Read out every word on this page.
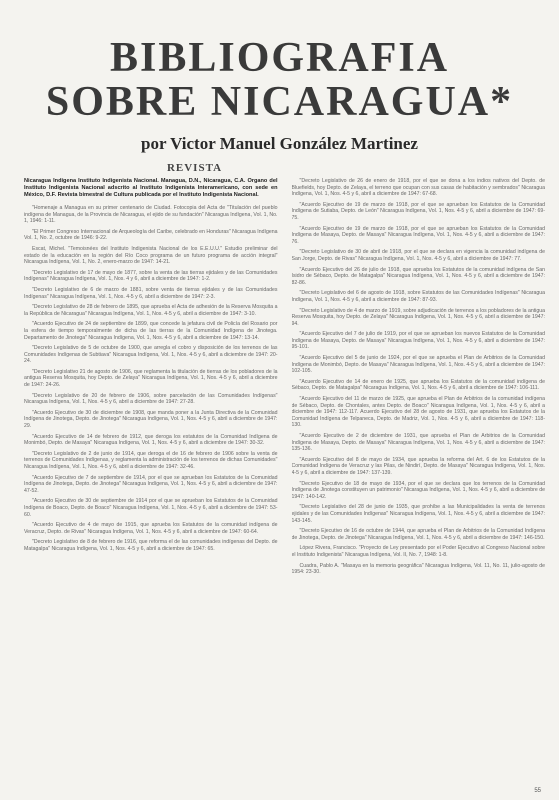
BIBLIOGRAFIA
SOBRE NICARAGUA*
por Victor Manuel González Martinez
REVISTA

Nicaragua Indígena Instituto Indigenista Nacional. Managua, D.N., Nicaragua, C.A. Organo del Instituto Indigenista Nacional adscrito al Instituto Indigenista Interamericano, con sede en México, D.F. Revista bimestral de Cultura publicada por el Instituto Indigenista Nacional.

"Homenaje a Managua en su primer centenario de Ciudad. Fotocopia del Acta de "Titulación del pueblo indígena de Managua, de la Provincia de Nicaragua, el ejido de su fundación" Nicaragua Indígena, Vol. 1, No. 1, 1946: 1-11.

"El Primer Congreso Internacional de Arqueología del Caribe, celebrado en Honduras" Nicaragua Indígena Vol. 1, No. 2, octubre de 1946: 9-22.

Escat, Michel. "Temoisnées del Instituto Indigenista Nacional de los E.E.U.U." Estudio preliminar del estado de la educación en la región del Río Coco programa de un futuro programa de acción integral" Nicaragua Indígena, Vol. 1, No. 2, enero-marzo de 1947: 14-21.

"Decreto Legislativo de 17 de mayo de 1877, sobre la venta de las tierras ejidales y de las Comunidades Indígenas" Nicaragua Indígena, Vol. 1, Nos. 4 y 6, abril a diciembre de 1947: 1-2.

"Decreto Legislativo de 6 de marzo de 1881, sobre venta de tierras ejidales y de las Comunidades Indígenas" Nicaragua Indígena, Vol. 1, Nos. 4-5 y 6, abril a diciembre de 1947: 2-3.

"Decreto Legislativo de 28 de febrero de 1895, que aprueba el Acta de adhesión de la Reserva Mosquita a la República de Nicaragua" Nicaragua Indígena, Vol. 1, Nos. 4-5 y 6, abril a diciembre de 1947: 3-10.

"Acuerdo Ejecutivo de 24 de septiembre de 1899, que concede la jefatura civil de Policía del Rosario por la esfera de tiempo temporalmente de dicha de las tierras de la Comunidad Indígena de Jinotega. Departamento de Jinotega" Nicaragua Indígena, Vol. 1, Nos. 4-5 y 6, abril a diciembre de 1947: 13-14.

"Decreto Legislativo de 5 de octubre de 1900, que arregla el cobro y disposición de los terrenos de las Comunidades Indígenas de Subtiava" Nicaragua Indígena, Vol. 1, Nos. 4-5 y 6, abril a diciembre de 1947: 20-24.

"Decreto Legislativo 21 de agosto de 1906, que reglamenta la titulación de tierras de los pobladores de la antigua Reserva Mosquita, hoy Depto. de Zelaya" Nicaragua Indígena, Vol. 1, Nos. 4-5 y 6, abril a diciembre de 1947: 24-26.

"Decreto Legislativo de 20 de febrero de 1906, sobre parcelación de las Comunidades Indígenas" Nicaragua Indígena, Vol. 1, Nos. 4-5 y 6, abril a diciembre de 1947: 27-28.

"Acuerdo Ejecutivo de 30 de diciembre de 1908, que manda poner a la Junta Directiva de la Comunidad Indígena de Jinotega, Depto. de Jinotega" Nicaragua Indígena, Vol. 1, Nos. 4-5 y 6, abril a diciembre de 1947: 29.

"Acuerdo Ejecutivo de 14 de febrero de 1912, que deroga los estatutos de la Comunidad Indígena de Monimbó, Depto. de Masaya" Nicaragua Indígena, Vol. 1, Nos. 4-5 y 6, abril a diciembre de 1947: 30-32.

"Decreto Legislativo de 2 de junio de 1914, que deroga el de 16 de febrero de 1906 sobre la venta de terrenos de Comunidades Indígenas, y reglamenta la administración de los terrenos de dichas Comunidades" Nicaragua Indígena, Vol. 1, Nos. 4-5 y 6, abril a diciembre de 1947: 32-46.

"Acuerdo Ejecutivo de 7 de septiembre de 1914, por el que se aprueban los Estatutos de la Comunidad Indígena de Jinotega, Depto. de Jinotega" Nicaragua Indígena, Vol. 1, Nos. 4-5 y 6, abril a diciembre de 1947: 47-52.

"Acuerdo Ejecutivo de 30 de septiembre de 1914 por el que se aprueban los Estatutos de la Comunidad Indígena de Boaco, Depto. de Boaco" Nicaragua Indígena, Vol. 1, Nos. 4-5 y 6, abril a diciembre de 1947: 53-60.

"Acuerdo Ejecutivo de 4 de mayo de 1915, que aprueba los Estatutos de la comunidad indígena de Veracruz, Depto. de Rivas" Nicaragua Indígena, Vol. 1, Nos. 4-5 y 6, abril a diciembre de 1947: 60-64.

"Decreto Legislativo de 8 de febrero de 1916, que reforma el de las comunidades indígenas del Depto. de Matagalpa" Nicaragua Indígena, Vol. 1, Nos. 4-5 y 6, abril a diciembre de 1947: 65.

"Decreto Legislativo de 26 de enero de 1918, por el que se dona a los indios nativos del Depto. de Bluefields, hoy Depto. de Zelaya, el terreno que ocupan con sus casas de habitación y sembrados" Nicaragua Indígena, Vol. 1, Nos. 4-5 y 6, abril a diciembre de 1947: 67-68.

"Acuerdo Ejecutivo de 19 de marzo de 1918, por el que se aprueban los Estatutos de la Comunidad Indígena de Sutiaba, Depto. de León" Nicaragua Indígena, Vol. 1, Nos. 4-5 y 6, abril a diciembre de 1947: 69-75.

"Acuerdo Ejecutivo de 19 de marzo de 1918, por el que se aprueban los Estatutos de la Comunidad Indígena de Masaya, Depto. de Masaya" Nicaragua Indígena, Vol. 1, Nos. 4-5 y 6, abril a diciembre de 1947: 76.

"Decreto Legislativo de 30 de abril de 1918, por el que se declara en vigencia la comunidad indígena de San Jorge, Depto. de Rivas" Nicaragua Indígena, Vol. 1, Nos. 4-5 y 6, abril a diciembre de 1947: 77.

"Acuerdo Ejecutivo del 26 de julio de 1918, que aprueba los Estatutos de la comunidad indígena de San Isidro de Sébaco, Depto. de Matagalpa" Nicaragua Indígena, Vol. 1, Nos. 4-5 y 6, abril a diciembre de 1947: 82-86.

"Decreto Legislativo del 6 de agosto de 1918, sobre Estatutos de las Comunidades Indígenas" Nicaragua Indígena, Vol. 1, Nos. 4-5 y 6, abril a diciembre de 1947: 87-93.

"Decreto Legislativo de 4 de marzo de 1919, sobre adjudicación de terrenos a los pobladores de la antigua Reserva Mosquita, hoy Depto. de Zelaya" Nicaragua Indígena, Vol. 1, Nos. 4-5 y 6, abril a diciembre de 1947: 94.

"Acuerdo Ejecutivo del 7 de julio de 1919, por el que se aprueban los nuevos Estatutos de la Comunidad Indígena de Masaya, Depto. de Masaya" Nicaragua Indígena, Vol. 1, Nos. 4-5 y 6, abril a diciembre de 1947: 95-101.

"Acuerdo Ejecutivo del 5 de junio de 1924, por el que se aprueba el Plan de Arbitrios de la Comunidad Indígena de Monimbó, Depto. de Masaya" Nicaragua Indígena, Vol. 1, Nos. 4-5 y 6, abril a diciembre de 1947: 102-105.

"Acuerdo Ejecutivo de 14 de enero de 1925, que aprueba los Estatutos de la comunidad indígena de Sébaco, Depto. de Matagalpa" Nicaragua Indígena, Vol. 1, Nos. 4-5 y 6, abril a diciembre de 1947: 106-111.

"Acuerdo Ejecutivo del 11 de marzo de 1925, que aprueba el Plan de Arbitrios de la comunidad indígena de Sébaco, Depto. de Chontales, antes Depto. de Boaco" Nicaragua Indígena, Vol. 1, Nos. 4-5 y 6, abril a diciembre de 1947: 112-117. Acuerdo Ejecutivo del 28 de agosto de 1931, que aprueba los Estatutos de la Comunidad Indígena de Telpaneca, Depto. de Madriz, Vol. 1, Nos. 4-5 y 6, abril a diciembre de 1947: 118-130.

"Acuerdo Ejecutivo de 2 de diciembre de 1931, que aprueba el Plan de Arbitrios de la Comunidad Indígena de Masaya, Depto. de Masaya" Nicaragua Indígena, Vol. 1, Nos. 4-5 y 6, abril a diciembre de 1947: 135-136.

"Acuerdo Ejecutivo del 8 de mayo de 1934, que aprueba la reforma del Art. 6 de los Estatutos de la Comunidad Indígena de Veracruz y las Pilas, de Nindirí, Depto. de Masaya" Nicaragua Indígena, Vol. 1, Nos. 4-5 y 6, abril a diciembre de 1947: 137-139.

"Decreto Ejecutivo de 18 de mayo de 1934, por el que se declara que los terrenos de la Comunidad Indígena de Jinotega constituyen un patrimonio" Nicaragua Indígena, Vol. 1, Nos. 4-5 y 6, abril a diciembre de 1947: 140-142.

"Decreto Legislativo del 28 de junio de 1935, que prohíbe a las Municipalidades la venta de terrenos ejidales y de las Comunidades Indígenas" Nicaragua Indígena, Vol. 1, Nos. 4-5 y 6, abril a diciembre de 1947: 143-145.

"Decreto Ejecutivo de 16 de octubre de 1944, que aprueba el Plan de Arbitrios de la Comunidad Indígena de Jinotega, Depto. de Jinotega" Nicaragua Indígena, Vol. 1, Nos. 4-5 y 6, abril a diciembre de 1947: 146-150.

López Rivera, Francisco. "Proyecto de Ley presentado por el Poder Ejecutivo al Congreso Nacional sobre el Instituto Indigenista" Nicaragua Indígena, Vol. II, No. 7, 1948: 1-8.

Cuadra, Pablo A. "Masaya en la memoria geográfica" Nicaragua Indígena, Vol. 11, No. 11, julio-agosto de 1954: 23-30.

55
